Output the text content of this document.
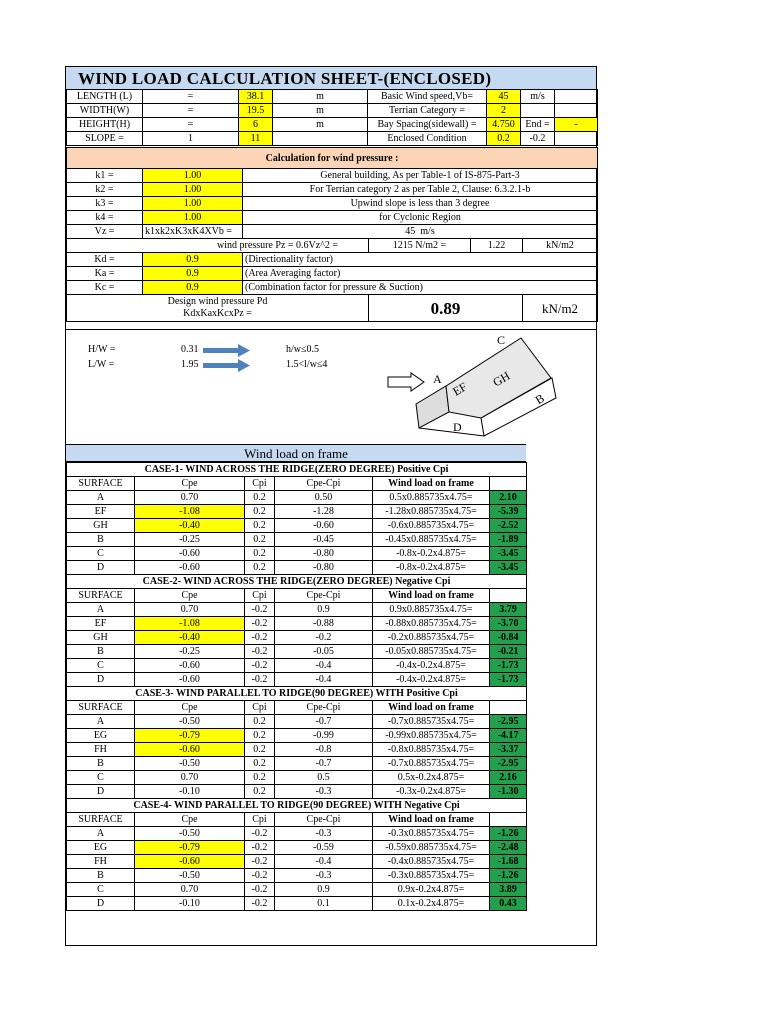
WIND LOAD CALCULATION SHEET-(ENCLOSED)
LENGTH (L)	=	38.1	m	Basic Wind speed,Vb=	45	m/s	
WIDTH(W)	=	19.5	m	Terrian Category =	2		
HEIGHT(H)	=	6	m	Bay Spacing(sidewall) =	4.750	End =	-
SLOPE =	1	11		Enclosed Condition	0.2	-0.2	
Calculation for wind pressure :					
k1 =	1.00	General building, As per Table-1 of IS-875-Part-3			
k2 =	1.00	For Terrian category 2 as per Table 2, Clause: 6.3.2.1-b			
k3 =	1.00	Upwind slope is less than 3 degree			
k4 =	1.00	for Cyclonic Region			
Vz =	k1xk2xK3xK4XVb =	45 m/s			
wind pressure Pz = 0.6Vz^2 =			1215 N/m2 =	1.22	kN/m2
Kd =	0.9	(Directionality factor)			
Ka =	0.9	(Area Averaging factor)			
Kc =	0.9	(Combination factor for pressure & Suction)			

Design wind pressure Pd
KdxKaxKcxPz =			0.89		kN/m2
H/W =	0.31	h/w≤0.5
L/W =	1.95	1.5<l/w≤4
A
EF GH
C
B
D
Wind load on frame
CASE-1- WIND ACROSS THE RIDGE(ZERO DEGREE) Positive Cpi					
SURFACE	Cpe	Cpi	Cpe-Cpi	Wind load on frame	
A	0.70	0.2	0.50	0.5x0.885735x4.75=	2.10
EF	-1.08	0.2	-1.28	-1.28x0.885735x4.75=	-5.39
GH	-0.40	0.2	-0.60	-0.6x0.885735x4.75=	-2.52
B	-0.25	0.2	-0.45	-0.45x0.885735x4.75=	-1.89
C	-0.60	0.2	-0.80	-0.8x-0.2x4.875=	-3.45
D	-0.60	0.2	-0.80	-0.8x-0.2x4.875=	-3.45
CASE-2- WIND ACROSS THE RIDGE(ZERO DEGREE) Negative Cpi					
SURFACE	Cpe	Cpi	Cpe-Cpi	Wind load on frame	
A	0.70	-0.2	0.9	0.9x0.885735x4.75=	3.79
EF	-1.08	-0.2	-0.88	-0.88x0.885735x4.75=	-3.70
GH	-0.40	-0.2	-0.2	-0.2x0.885735x4.75=	-0.84
B	-0.25	-0.2	-0.05	-0.05x0.885735x4.75=	-0.21
C	-0.60	-0.2	-0.4	-0.4x-0.2x4.875=	-1.73
D	-0.60	-0.2	-0.4	-0.4x-0.2x4.875=	-1.73
CASE-3- WIND PARALLEL TO RIDGE(90 DEGREE) WITH Positive Cpi					
SURFACE	Cpe	Cpi	Cpe-Cpi	Wind load on frame	
A	-0.50	0.2	-0.7	-0.7x0.885735x4.75=	-2.95
EG	-0.79	0.2	-0.99	-0.99x0.885735x4.75=	-4.17
FH	-0.60	0.2	-0.8	-0.8x0.885735x4.75=	-3.37
B	-0.50	0.2	-0.7	-0.7x0.885735x4.75=	-2.95
C	0.70	0.2	0.5	0.5x-0.2x4.875=	2.16
D	-0.10	0.2	-0.3	-0.3x-0.2x4.875=	-1.30
CASE-4- WIND PARALLEL TO RIDGE(90 DEGREE) WITH Negative Cpi					
SURFACE	Cpe	Cpi	Cpe-Cpi	Wind load on frame	
A	-0.50	-0.2	-0.3	-0.3x0.885735x4.75=	-1.26
EG	-0.79	-0.2	-0.59	-0.59x0.885735x4.75=	-2.48
FH	-0.60	-0.2	-0.4	-0.4x0.885735x4.75=	-1.68
B	-0.50	-0.2	-0.3	-0.3x0.885735x4.75=	-1.26
C	0.70	-0.2	0.9	0.9x-0.2x4.875=	3.89
D	-0.10	-0.2	0.1	0.1x-0.2x4.875=	0.43
